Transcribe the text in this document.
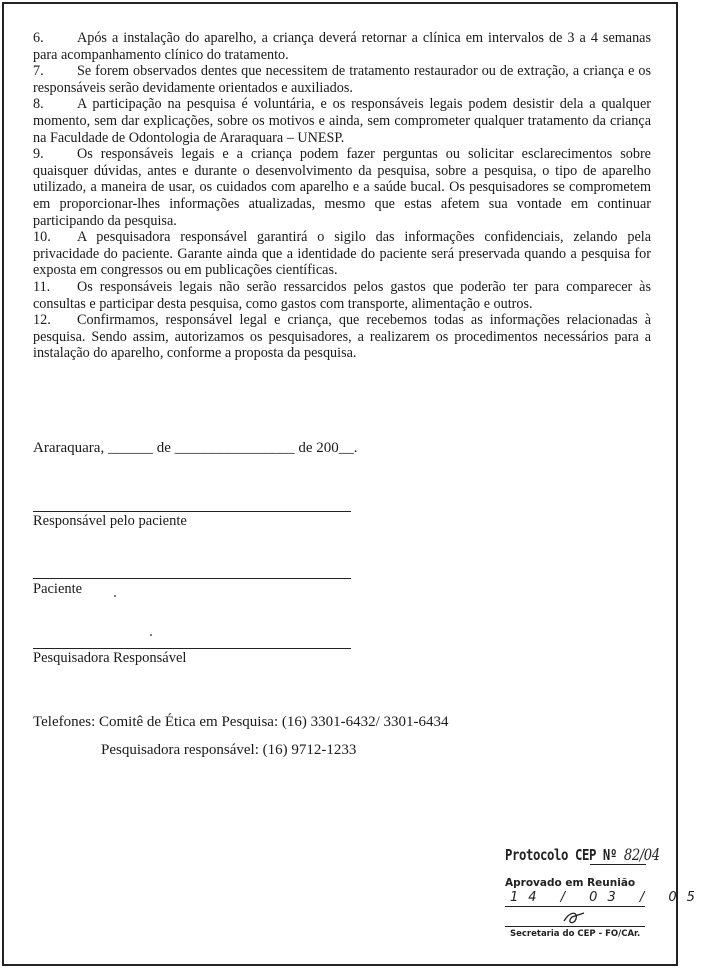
6. Após a instalação do aparelho, a criança deverá retornar a clínica em intervalos de 3 a 4 semanas para acompanhamento clínico do tratamento.

7. Se forem observados dentes que necessitem de tratamento restaurador ou de extração, a criança e os responsáveis serão devidamente orientados e auxiliados.

8. A participação na pesquisa é voluntária, e os responsáveis legais podem desistir dela a qualquer momento, sem dar explicações, sobre os motivos e ainda, sem comprometer qualquer tratamento da criança na Faculdade de Odontologia de Araraquara – UNESP.

9. Os responsáveis legais e a criança podem fazer perguntas ou solicitar esclarecimentos sobre quaisquer dúvidas, antes e durante o desenvolvimento da pesquisa, sobre a pesquisa, o tipo de aparelho utilizado, a maneira de usar, os cuidados com aparelho e a saúde bucal. Os pesquisadores se comprometem em proporcionar-lhes informações atualizadas, mesmo que estas afetem sua vontade em continuar participando da pesquisa.

10. A pesquisadora responsável garantirá o sigilo das informações confidenciais, zelando pela privacidade do paciente. Garante ainda que a identidade do paciente será preservada quando a pesquisa for exposta em congressos ou em publicações científicas.

11. Os responsáveis legais não serão ressarcidos pelos gastos que poderão ter para comparecer às consultas e participar desta pesquisa, como gastos com transporte, alimentação e outros.

12. Confirmamos, responsável legal e criança, que recebemos todas as informações relacionadas à pesquisa. Sendo assim, autorizamos os pesquisadores, a realizarem os procedimentos necessários para a instalação do aparelho, conforme a proposta da pesquisa.

Araraquara, ______ de ________________ de 200__.
Responsável pelo paciente
Paciente
Pesquisadora Responsável
Telefones: Comitê de Ética em Pesquisa: (16) 3301-6432/ 3301-6434
Pesquisadora responsável: (16) 9712-1233
Protocolo CEP Nº 82/04
Aprovado em Reunião
14 / 03 / 05
Secretaria do CEP - FO/CAr.
